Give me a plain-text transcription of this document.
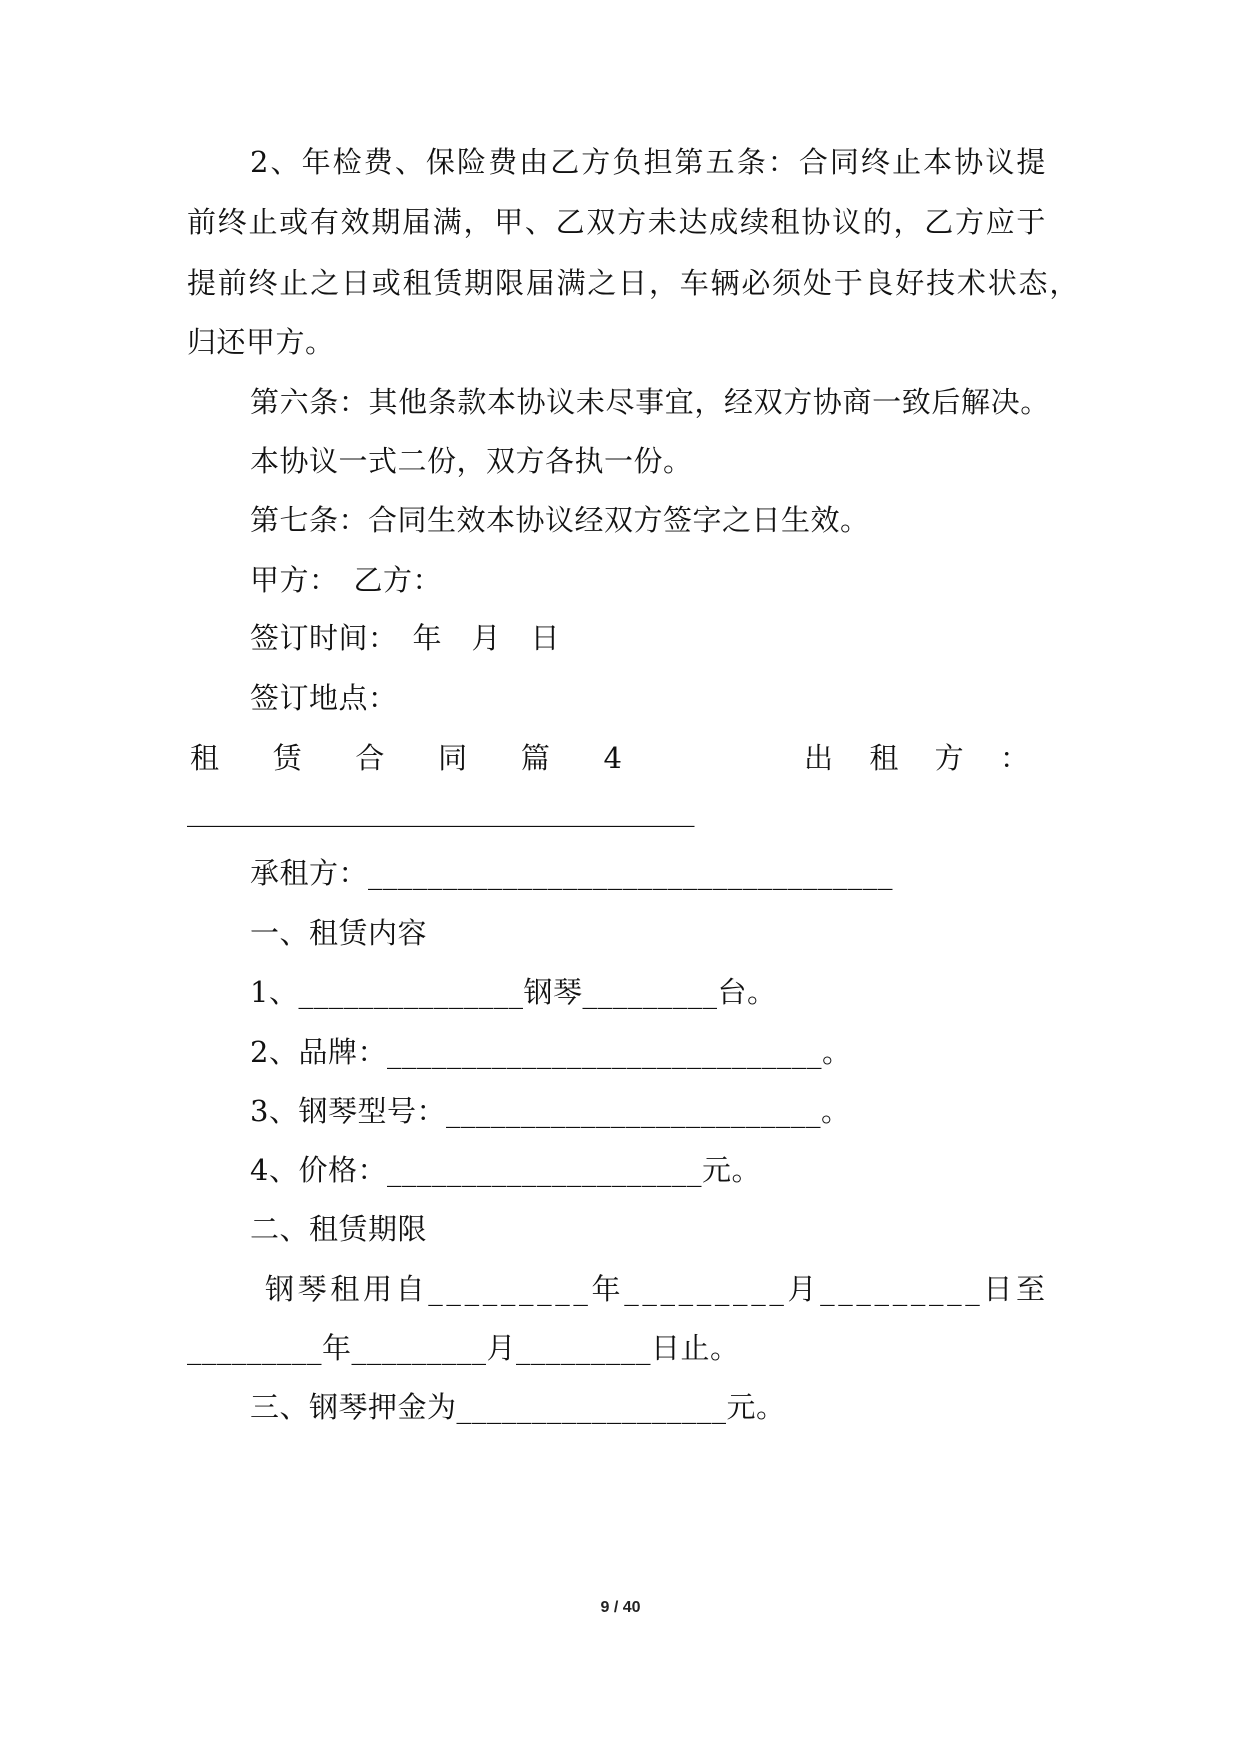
2 、 年 检 费 、 保 险 费 由 乙 方 负 担 第 五 条 ： 合 同 终 止 本 协 议 提
前 终 止 或 有 效 期 届 满 ， 甲 、 乙 双 方 未 达 成 续 租 协 议 的 ， 乙 方 应 于
提 前 终 止 之 日 或 租 赁 期 限 届 满 之 日 ， 车 辆 必 须 处 于 良 好 技 术 状 态 ，
归还甲方。
第 六 条 ： 其 他 条 款 本 协 议 未 尽 事 宜 ， 经 双 方 协 商 一 致 后 解 决 。
本协议一式二份，双方各执一份。
第七条：合同生效本协议经双方签字之日生效。
甲方：　乙方：
签订时间：　年　月　日
签订地点：
租 赁 合 同 篇 4	出 租 方 ：
___________________________________
承租方：___________________________________
一、租赁内容
1、_______________钢琴_________台。
2、品牌：_____________________________。
3、钢琴型号：_________________________。
4、价格：_____________________元。
二、租赁期限
钢 琴 租 用 自 _ _ _ _ _ _ _ _ _ 年 _ _ _ _ _ _ _ _ _ 月 _ _ _ _ _ _ _ _ _ 日 至
_________年_________月_________日止。
三、钢琴押金为__________________元。
9 / 40
